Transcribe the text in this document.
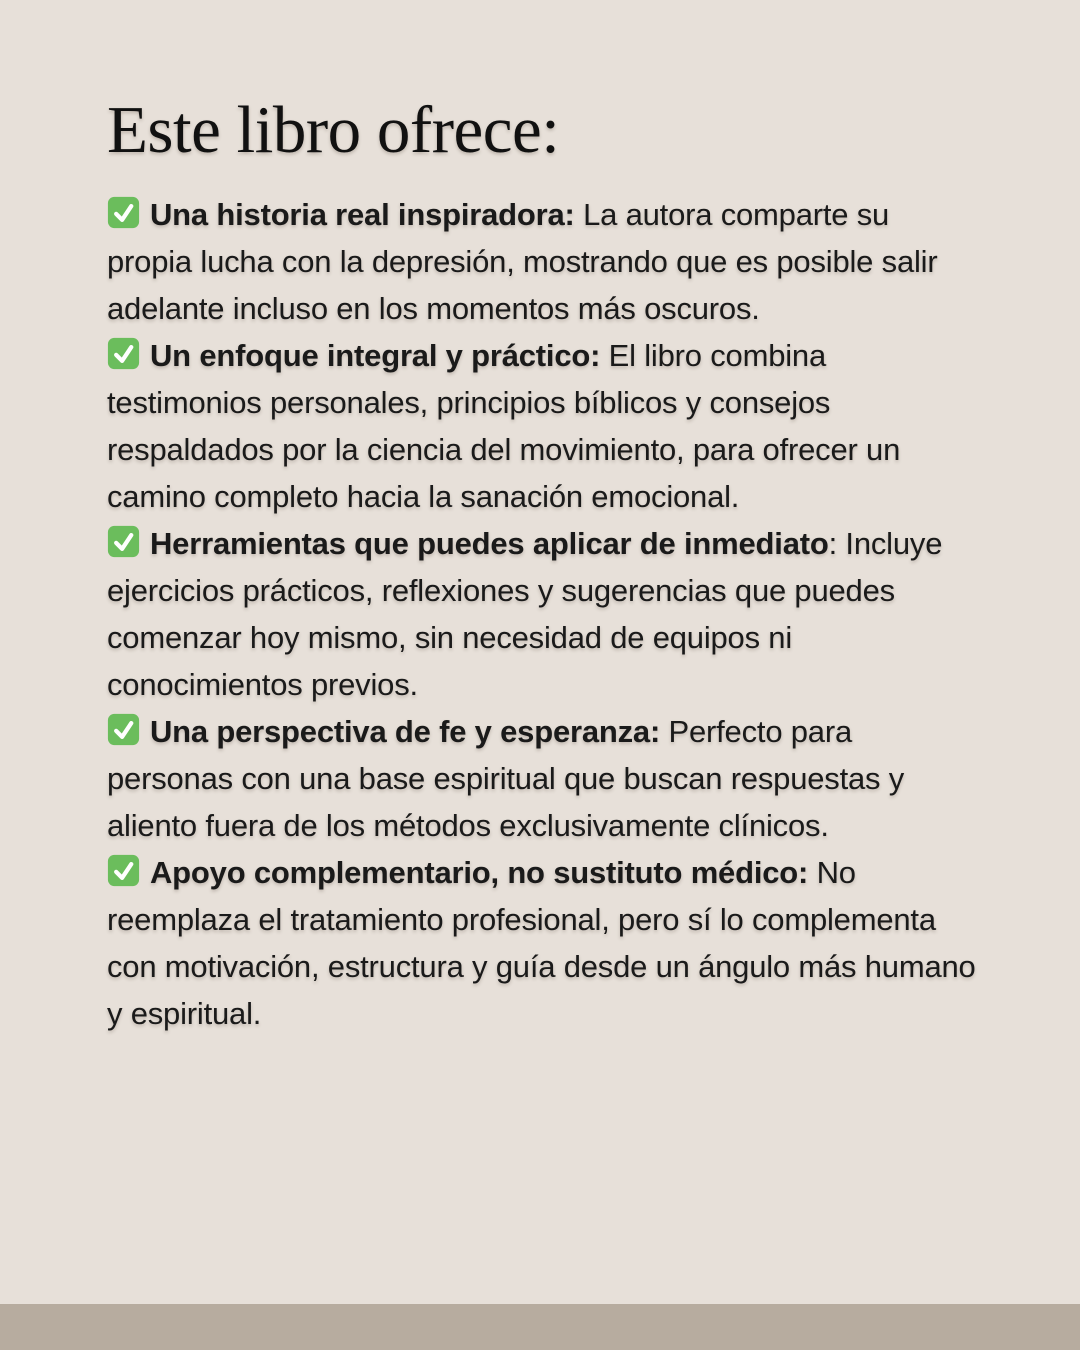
Este libro ofrece:

Una historia real inspiradora: La autora comparte su propia lucha con la depresión, mostrando que es posible salir adelante incluso en los momentos más oscuros.

Un enfoque integral y práctico: El libro combina testimonios personales, principios bíblicos y consejos respaldados por la ciencia del movimiento, para ofrecer un camino completo hacia la sanación emocional.

Herramientas que puedes aplicar de inmediato: Incluye ejercicios prácticos, reflexiones y sugerencias que puedes comenzar hoy mismo, sin necesidad de equipos ni conocimientos previos.

Una perspectiva de fe y esperanza: Perfecto para personas con una base espiritual que buscan respuestas y aliento fuera de los métodos exclusivamente clínicos.

Apoyo complementario, no sustituto médico: No reemplaza el tratamiento profesional, pero sí lo complementa con motivación, estructura y guía desde un ángulo más humano y espiritual.
